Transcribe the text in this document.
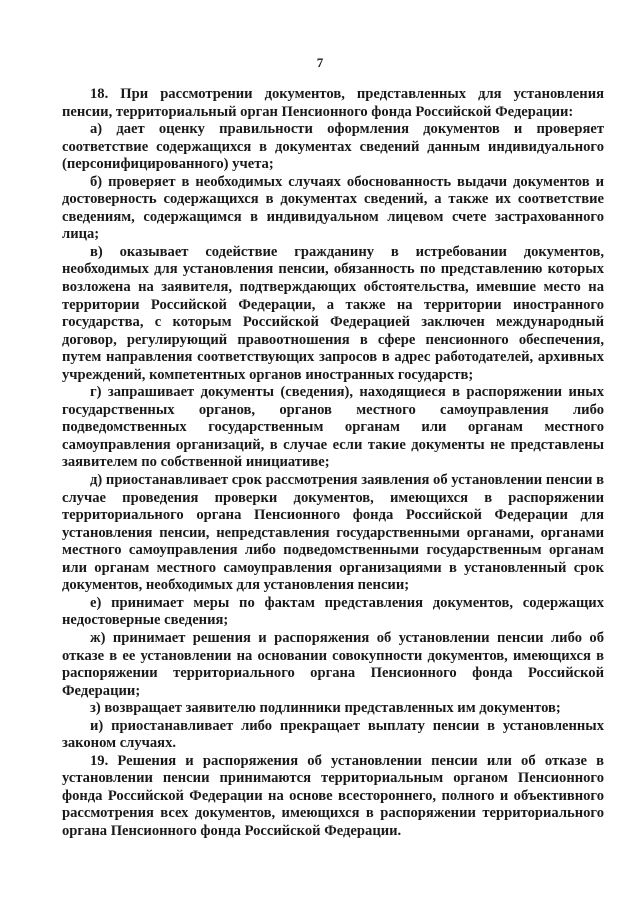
7

18. При рассмотрении документов, представленных для установления пенсии, территориальный орган Пенсионного фонда Российской Федерации:

а) дает оценку правильности оформления документов и проверяет соответствие содержащихся в документах сведений данным индивидуального (персонифицированного) учета;

б) проверяет в необходимых случаях обоснованность выдачи документов и достоверность содержащихся в документах сведений, а также их соответствие сведениям, содержащимся в индивидуальном лицевом счете застрахованного лица;

в) оказывает содействие гражданину в истребовании документов, необходимых для установления пенсии, обязанность по представлению которых возложена на заявителя, подтверждающих обстоятельства, имевшие место на территории Российской Федерации, а также на территории иностранного государства, с которым Российской Федерацией заключен международный договор, регулирующий правоотношения в сфере пенсионного обеспечения, путем направления соответствующих запросов в адрес работодателей, архивных учреждений, компетентных органов иностранных государств;

г) запрашивает документы (сведения), находящиеся в распоряжении иных государственных органов, органов местного самоуправления либо подведомственных государственным органам или органам местного самоуправления организаций, в случае если такие документы не представлены заявителем по собственной инициативе;

д) приостанавливает срок рассмотрения заявления об установлении пенсии в случае проведения проверки документов, имеющихся в распоряжении территориального органа Пенсионного фонда Российской Федерации для установления пенсии, непредставления государственными органами, органами местного самоуправления либо подведомственными государственным органам или органам местного самоуправления организациями в установленный срок документов, необходимых для установления пенсии;

е) принимает меры по фактам представления документов, содержащих недостоверные сведения;

ж) принимает решения и распоряжения об установлении пенсии либо об отказе в ее установлении на основании совокупности документов, имеющихся в распоряжении территориального органа Пенсионного фонда Российской Федерации;

з) возвращает заявителю подлинники представленных им документов;

и) приостанавливает либо прекращает выплату пенсии в установленных законом случаях.

19. Решения и распоряжения об установлении пенсии или об отказе в установлении пенсии принимаются территориальным органом Пенсионного фонда Российской Федерации на основе всестороннего, полного и объективного рассмотрения всех документов, имеющихся в распоряжении территориального органа Пенсионного фонда Российской Федерации.
